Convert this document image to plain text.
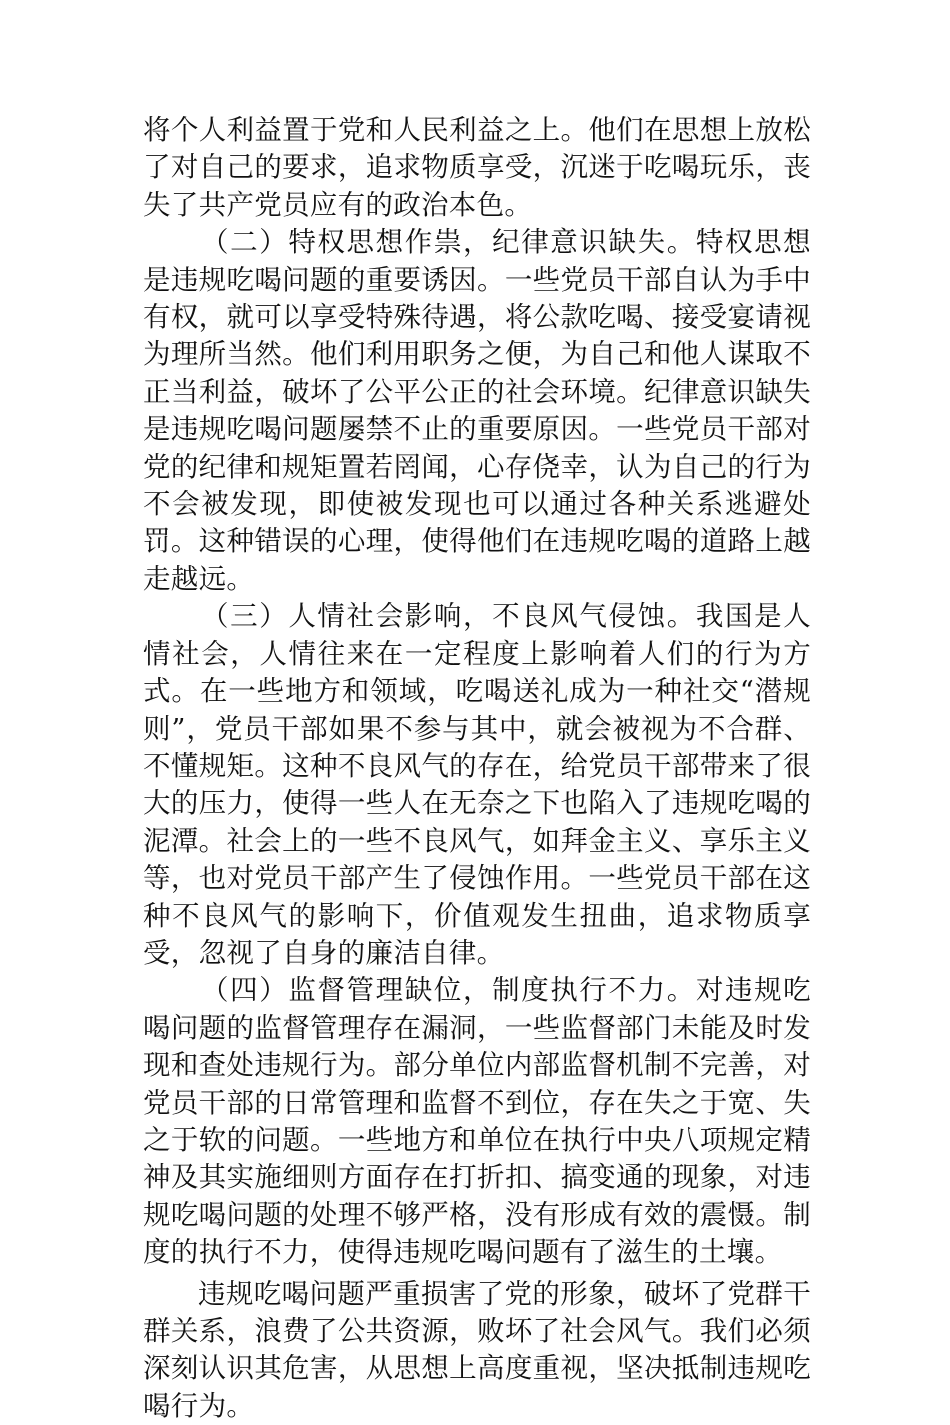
将个人利益置于党和人民利益之上。他们在思想上放松了对自己的要求，追求物质享受，沉迷于吃喝玩乐，丧失了共产党员应有的政治本色。

（二）特权思想作祟，纪律意识缺失。特权思想是违规吃喝问题的重要诱因。一些党员干部自认为手中有权，就可以享受特殊待遇，将公款吃喝、接受宴请视为理所当然。他们利用职务之便，为自己和他人谋取不正当利益，破坏了公平公正的社会环境。纪律意识缺失是违规吃喝问题屡禁不止的重要原因。一些党员干部对党的纪律和规矩置若罔闻，心存侥幸，认为自己的行为不会被发现，即使被发现也可以通过各种关系逃避处罚。这种错误的心理，使得他们在违规吃喝的道路上越走越远。

（三）人情社会影响，不良风气侵蚀。我国是人情社会，人情往来在一定程度上影响着人们的行为方式。在一些地方和领域，吃喝送礼成为一种社交“潜规则”，党员干部如果不参与其中，就会被视为不合群、不懂规矩。这种不良风气的存在，给党员干部带来了很大的压力，使得一些人在无奈之下也陷入了违规吃喝的泥潭。社会上的一些不良风气，如拜金主义、享乐主义等，也对党员干部产生了侵蚀作用。一些党员干部在这种不良风气的影响下，价值观发生扭曲，追求物质享受，忽视了自身的廉洁自律。

（四）监督管理缺位，制度执行不力。对违规吃喝问题的监督管理存在漏洞，一些监督部门未能及时发现和查处违规行为。部分单位内部监督机制不完善，对党员干部的日常管理和监督不到位，存在失之于宽、失之于软的问题。一些地方和单位在执行中央八项规定精神及其实施细则方面存在打折扣、搞变通的现象，对违规吃喝问题的处理不够严格，没有形成有效的震慑。制度的执行不力，使得违规吃喝问题有了滋生的土壤。

违规吃喝问题严重损害了党的形象，破坏了党群干群关系，浪费了公共资源，败坏了社会风气。我们必须深刻认识其危害，从思想上高度重视，坚决抵制违规吃喝行为。
